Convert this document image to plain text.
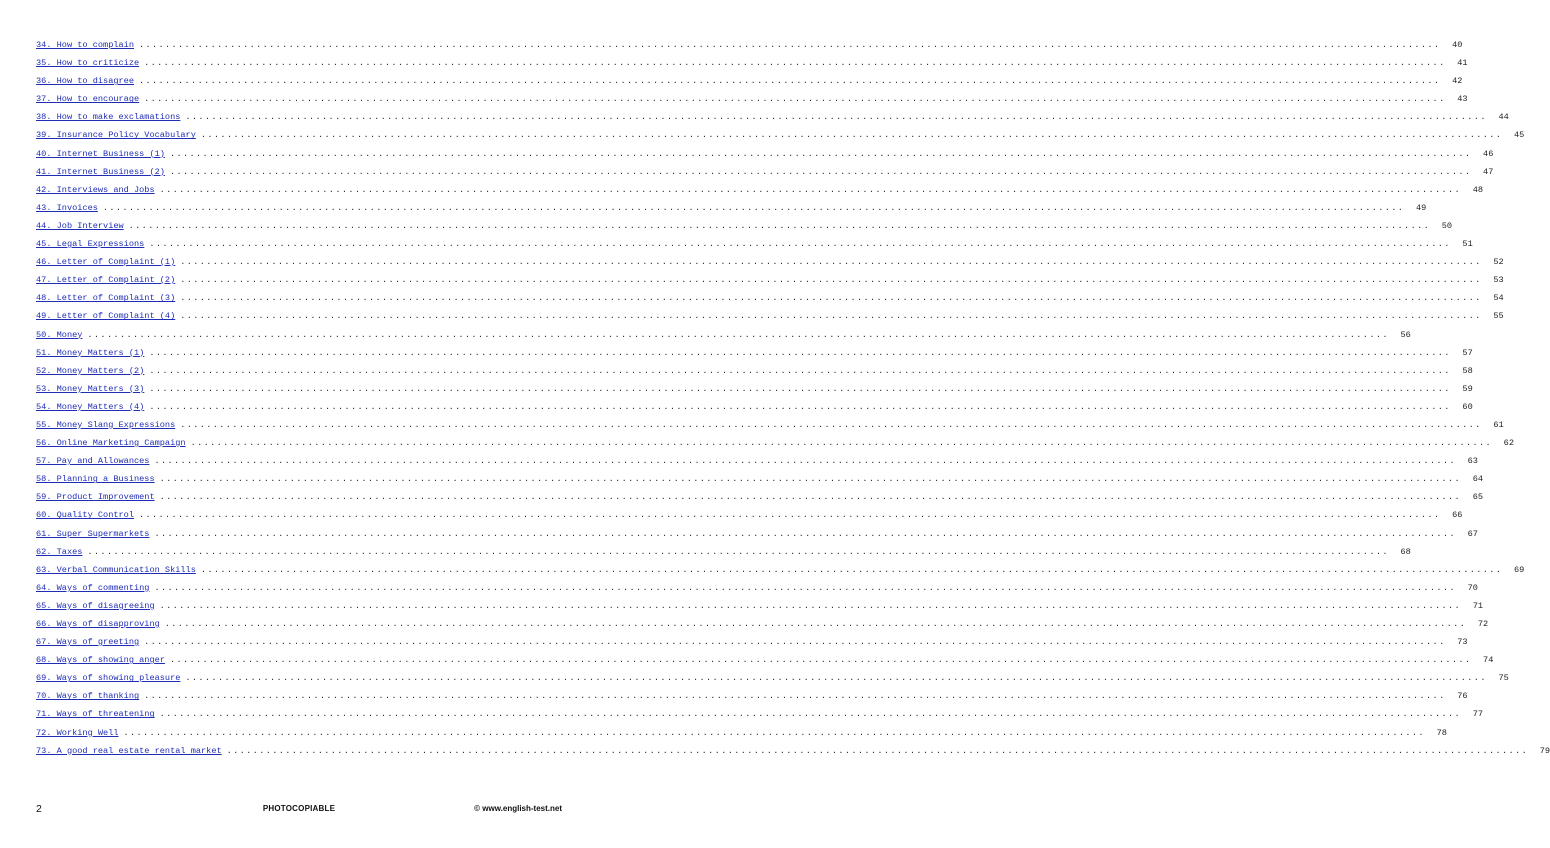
34. How to complain ........................................................................................................................................................................................................	40
35. How to criticize ........................................................................................................................................................................................................	41
36. How to disagree ........................................................................................................................................................................................................	42
37. How to encourage ........................................................................................................................................................................................................	43
38. How to make exclamations ........................................................................................................................................................................................................	44
39. Insurance Policy Vocabulary ........................................................................................................................................................................................................	45
40. Internet Business (1) ........................................................................................................................................................................................................	46
41. Internet Business (2) ........................................................................................................................................................................................................	47
42. Interviews and Jobs ........................................................................................................................................................................................................	48
43. Invoices ........................................................................................................................................................................................................	49
44. Job Interview ........................................................................................................................................................................................................	50
45. Legal Expressions ........................................................................................................................................................................................................	51
46. Letter of Complaint (1) ........................................................................................................................................................................................................	52
47. Letter of Complaint (2) ........................................................................................................................................................................................................	53
48. Letter of Complaint (3) ........................................................................................................................................................................................................	54
49. Letter of Complaint (4) ........................................................................................................................................................................................................	55
50. Money ........................................................................................................................................................................................................	56
51. Money Matters (1) ........................................................................................................................................................................................................	57
52. Money Matters (2) ........................................................................................................................................................................................................	58
53. Money Matters (3) ........................................................................................................................................................................................................	59
54. Money Matters (4) ........................................................................................................................................................................................................	60
55. Money Slang Expressions ........................................................................................................................................................................................................	61
56. Online Marketing Campaign ........................................................................................................................................................................................................	62
57. Pay and Allowances ........................................................................................................................................................................................................	63
58. Planning a Business ........................................................................................................................................................................................................	64
59. Product Improvement ........................................................................................................................................................................................................	65
60. Quality Control ........................................................................................................................................................................................................	66
61. Super Supermarkets ........................................................................................................................................................................................................	67
62. Taxes ........................................................................................................................................................................................................	68
63. Verbal Communication Skills ........................................................................................................................................................................................................	69
64. Ways of commenting ........................................................................................................................................................................................................	70
65. Ways of disagreeing ........................................................................................................................................................................................................	71
66. Ways of disapproving ........................................................................................................................................................................................................	72
67. Ways of greeting ........................................................................................................................................................................................................	73
68. Ways of showing anger ........................................................................................................................................................................................................	74
69. Ways of showing pleasure ........................................................................................................................................................................................................	75
70. Ways of thanking ........................................................................................................................................................................................................	76
71. Ways of threatening ........................................................................................................................................................................................................	77
72. Working Well ........................................................................................................................................................................................................	78
73. A good real estate rental market ........................................................................................................................................................................................................	79
2	PHOTOCOPIABLE	© www.english-test.net
